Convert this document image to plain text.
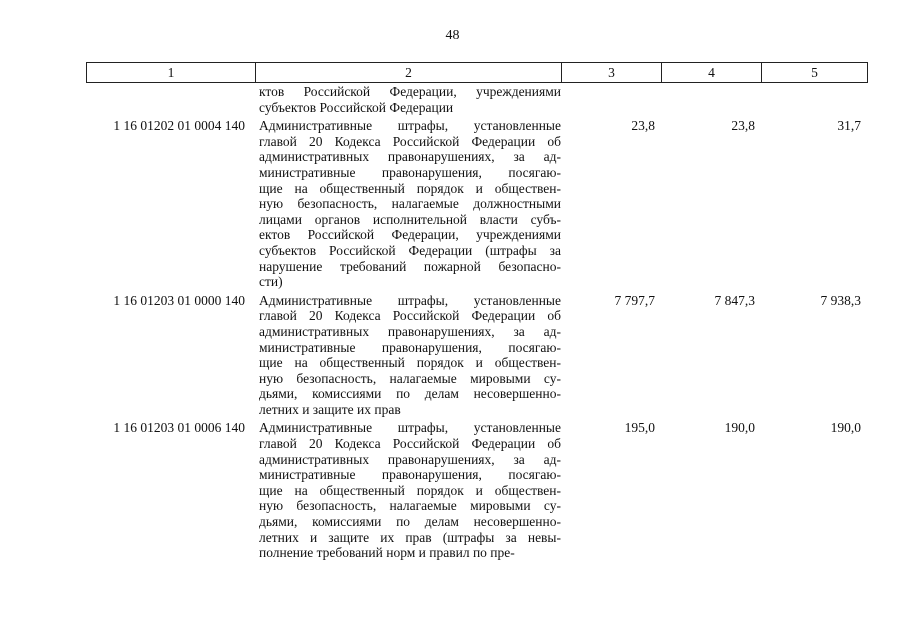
48
1	2	3	4	5
ктов Российской Федерации, учреждениями
субъектов Российской Федерации
1 16 01202 01 0004 140	Административные штрафы, установленные
главой 20 Кодекса Российской Федерации об
административных правонарушениях, за ад-
министративные правонарушения, посягаю-
щие на общественный порядок и обществен-
ную безопасность, налагаемые должностными
лицами органов исполнительной власти субъ-
ектов Российской Федерации, учреждениями
субъектов Российской Федерации (штрафы за
нарушение требований пожарной безопасно-
сти)
23,8	23,8	31,7
1 16 01203 01 0000 140	Административные штрафы, установленные
главой 20 Кодекса Российской Федерации об
административных правонарушениях, за ад-
министративные правонарушения, посягаю-
щие на общественный порядок и обществен-
ную безопасность, налагаемые мировыми су-
дьями, комиссиями по делам несовершенно-
летних и защите их прав
7 797,7	7 847,3	7 938,3
1 16 01203 01 0006 140	Административные штрафы, установленные
главой 20 Кодекса Российской Федерации об
административных правонарушениях, за ад-
министративные правонарушения, посягаю-
щие на общественный порядок и обществен-
ную безопасность, налагаемые мировыми су-
дьями, комиссиями по делам несовершенно-
летних и защите их прав (штрафы за невы-
полнение требований норм и правил по пре-
195,0	190,0	190,0
